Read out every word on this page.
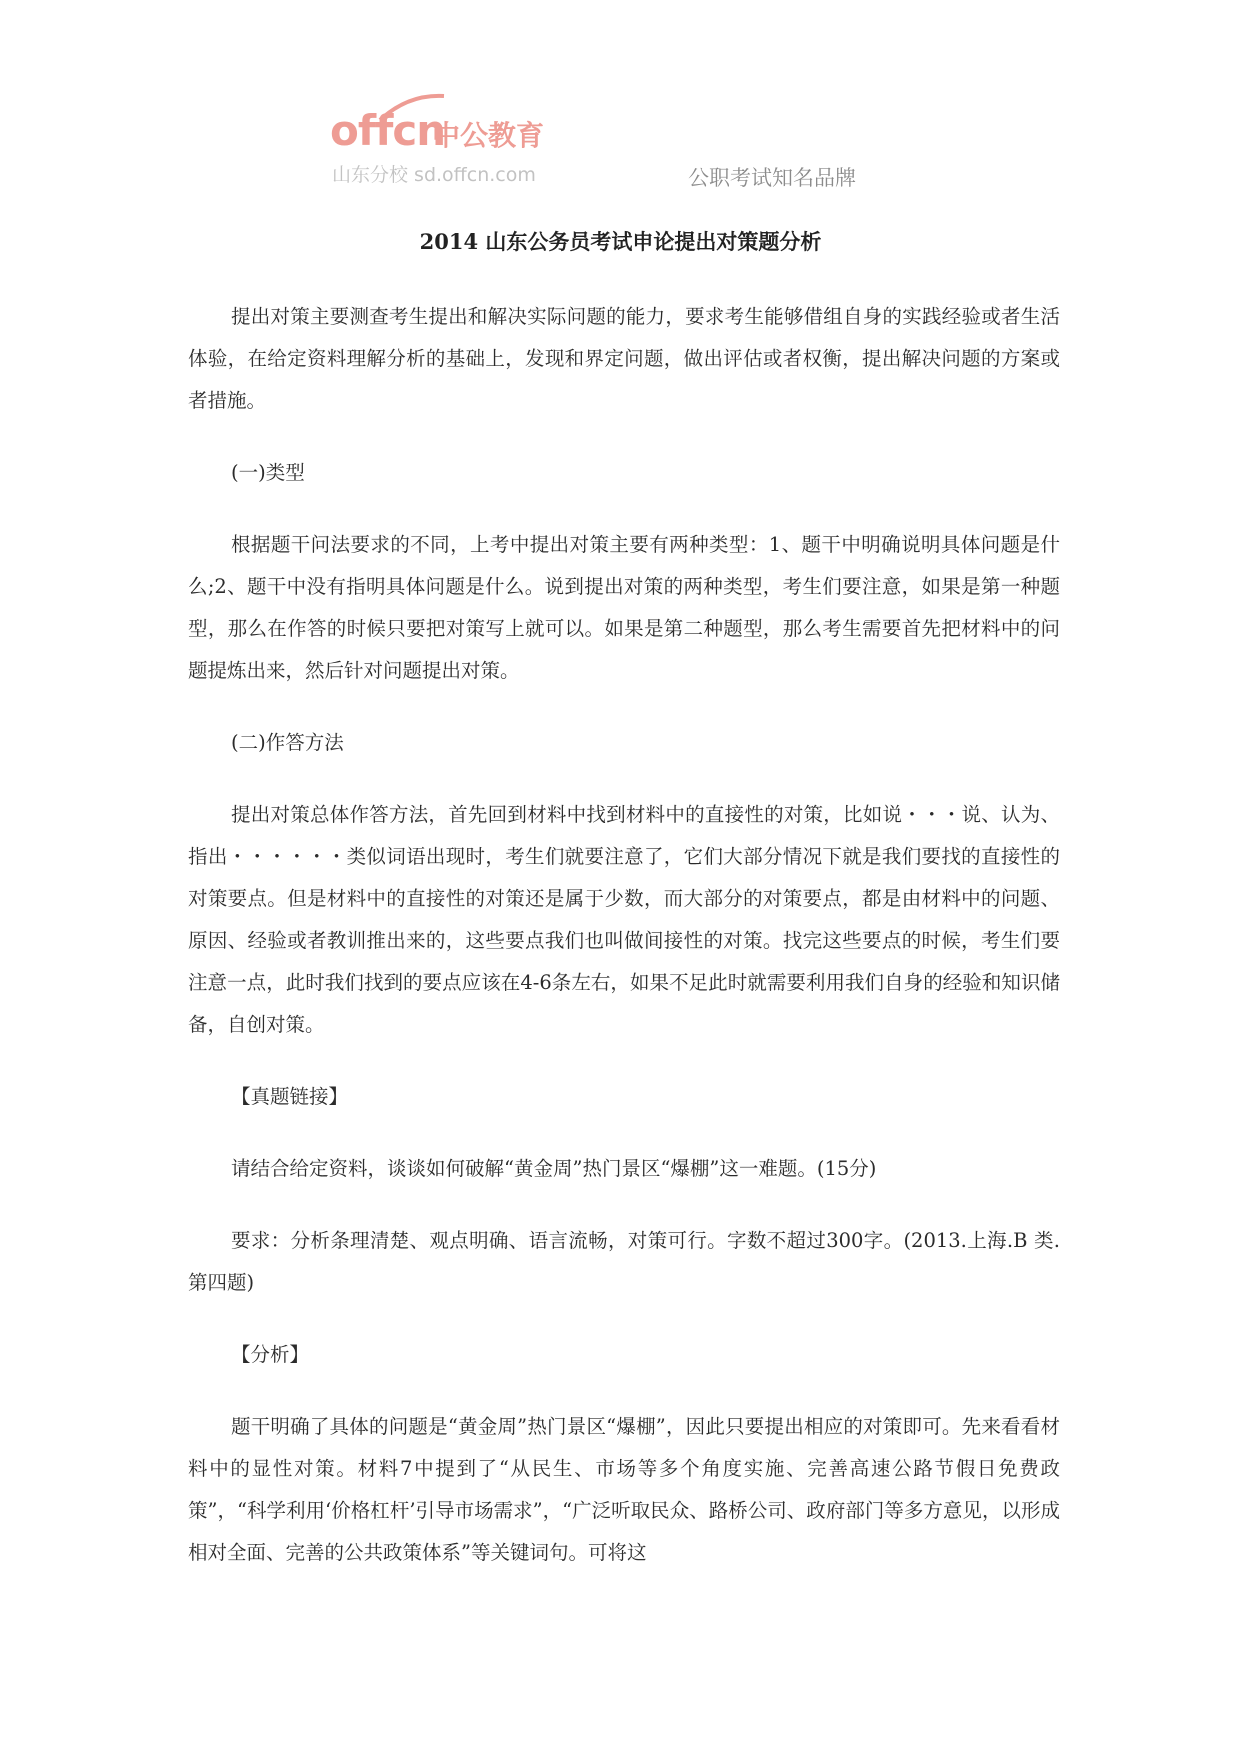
offcn
中公教育
山东分校 sd.offcn.com	公职考试知名品牌
2014 山东公务员考试申论提出对策题分析

提出对策主要测查考生提出和解决实际问题的能力，要求考生能够借组自身的实践经验或者生活体验，在给定资料理解分析的基础上，发现和界定问题，做出评估或者权衡，提出解决问题的方案或者措施。

(一)类型

根据题干问法要求的不同，上考中提出对策主要有两种类型：1、题干中明确说明具体问题是什么;2、题干中没有指明具体问题是什么。说到提出对策的两种类型，考生们要注意，如果是第一种题型，那么在作答的时候只要把对策写上就可以。如果是第二种题型，那么考生需要首先把材料中的问题提炼出来，然后针对问题提出对策。

(二)作答方法

提出对策总体作答方法，首先回到材料中找到材料中的直接性的对策，比如说・・・说、认为、指出・・・・・・类似词语出现时，考生们就要注意了，它们大部分情况下就是我们要找的直接性的对策要点。但是材料中的直接性的对策还是属于少数，而大部分的对策要点，都是由材料中的问题、原因、经验或者教训推出来的，这些要点我们也叫做间接性的对策。找完这些要点的时候，考生们要注意一点，此时我们找到的要点应该在4-6条左右，如果不足此时就需要利用我们自身的经验和知识储备，自创对策。

【真题链接】

请结合给定资料，谈谈如何破解“黄金周”热门景区“爆棚”这一难题。(15分)

要求：分析条理清楚、观点明确、语言流畅，对策可行。字数不超过300字。(2013.上海.B 类.第四题)

【分析】

题干明确了具体的问题是“黄金周”热门景区“爆棚”，因此只要提出相应的对策即可。先来看看材料中的显性对策。材料7中提到了“从民生、市场等多个角度实施、完善高速公路节假日免费政策”，“科学利用‘价格杠杆’引导市场需求”，“广泛听取民众、路桥公司、政府部门等多方意见，以形成相对全面、完善的公共政策体系”等关键词句。可将这
